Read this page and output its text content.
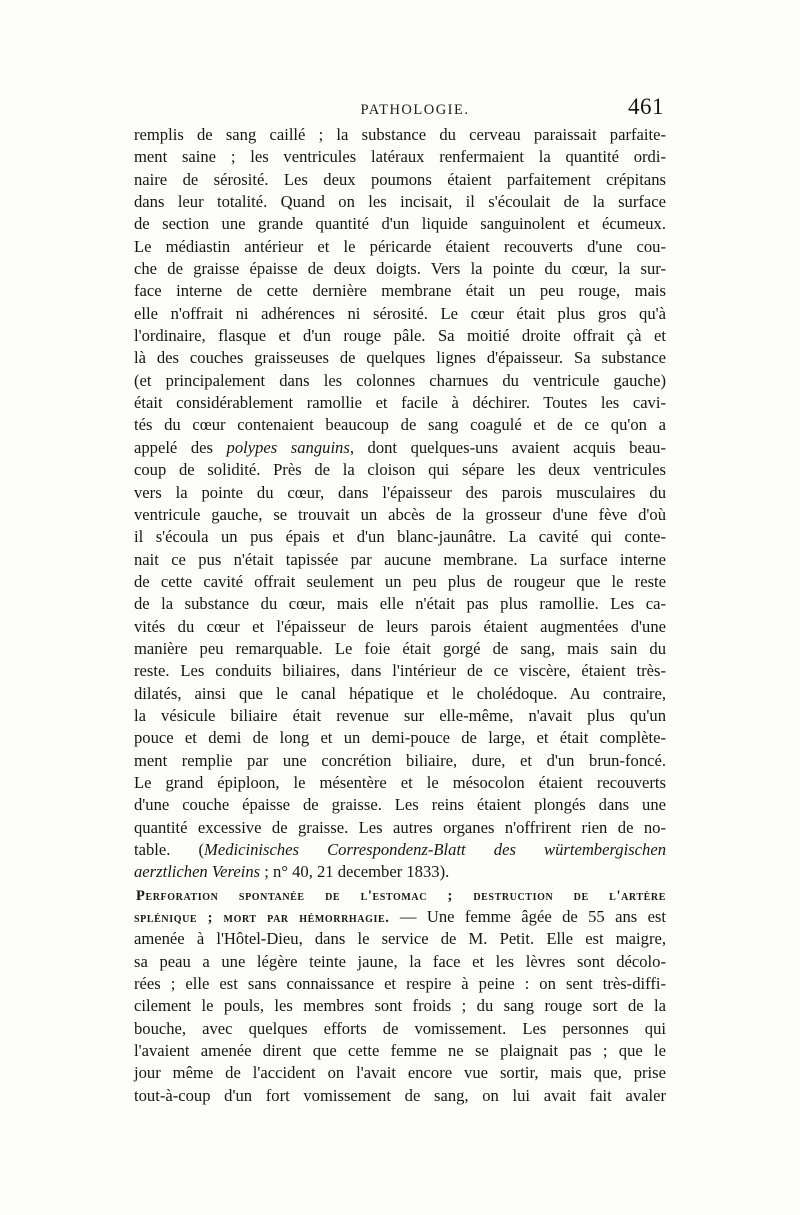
PATHOLOGIE.	461
remplis de sang caillé ; la substance du cerveau paraissait parfaite-
ment saine ; les ventricules latéraux renfermaient la quantité ordi-
naire de sérosité. Les deux poumons étaient parfaitement crépitans
dans leur totalité. Quand on les incisait, il s'écoulait de la surface
de section une grande quantité d'un liquide sanguinolent et écumeux.
Le médiastin antérieur et le péricarde étaient recouverts d'une cou-
che de graisse épaisse de deux doigts. Vers la pointe du cœur, la sur-
face interne de cette dernière membrane était un peu rouge, mais
elle n'offrait ni adhérences ni sérosité. Le cœur était plus gros qu'à
l'ordinaire, flasque et d'un rouge pâle. Sa moitié droite offrait çà et
là des couches graisseuses de quelques lignes d'épaisseur. Sa substance
(et principalement dans les colonnes charnues du ventricule gauche)
était considérablement ramollie et facile à déchirer. Toutes les cavi-
tés du cœur contenaient beaucoup de sang coagulé et de ce qu'on a
appelé des polypes sanguins, dont quelques-uns avaient acquis beau-
coup de solidité. Près de la cloison qui sépare les deux ventricules
vers la pointe du cœur, dans l'épaisseur des parois musculaires du
ventricule gauche, se trouvait un abcès de la grosseur d'une fève d'où
il s'écoula un pus épais et d'un blanc-jaunâtre. La cavité qui conte-
nait ce pus n'était tapissée par aucune membrane. La surface interne
de cette cavité offrait seulement un peu plus de rougeur que le reste
de la substance du cœur, mais elle n'était pas plus ramollie. Les ca-
vités du cœur et l'épaisseur de leurs parois étaient augmentées d'une
manière peu remarquable. Le foie était gorgé de sang, mais sain du
reste. Les conduits biliaires, dans l'intérieur de ce viscère, étaient très-
dilatés, ainsi que le canal hépatique et le cholédoque. Au contraire,
la vésicule biliaire était revenue sur elle-même, n'avait plus qu'un
pouce et demi de long et un demi-pouce de large, et était complète-
ment remplie par une concrétion biliaire, dure, et d'un brun-foncé.
Le grand épiploon, le mésentère et le mésocolon étaient recouverts
d'une couche épaisse de graisse. Les reins étaient plongés dans une
quantité excessive de graisse. Les autres organes n'offrirent rien de no-
table. (Medicinisches Correspondenz-Blatt des würtembergischen
aerztlichen Vereins ; n° 40, 21 december 1833).
Perforation spontanée de l'estomac ; destruction de l'artère
splénique ; mort par hémorrhagie. — Une femme âgée de 55 ans est
amenée à l'Hôtel-Dieu, dans le service de M. Petit. Elle est maigre,
sa peau a une légère teinte jaune, la face et les lèvres sont décolo-
rées ; elle est sans connaissance et respire à peine : on sent très-diffi-
cilement le pouls, les membres sont froids ; du sang rouge sort de la
bouche, avec quelques efforts de vomissement. Les personnes qui
l'avaient amenée dirent que cette femme ne se plaignait pas ; que le
jour même de l'accident on l'avait encore vue sortir, mais que, prise
tout-à-coup d'un fort vomissement de sang, on lui avait fait avaler
